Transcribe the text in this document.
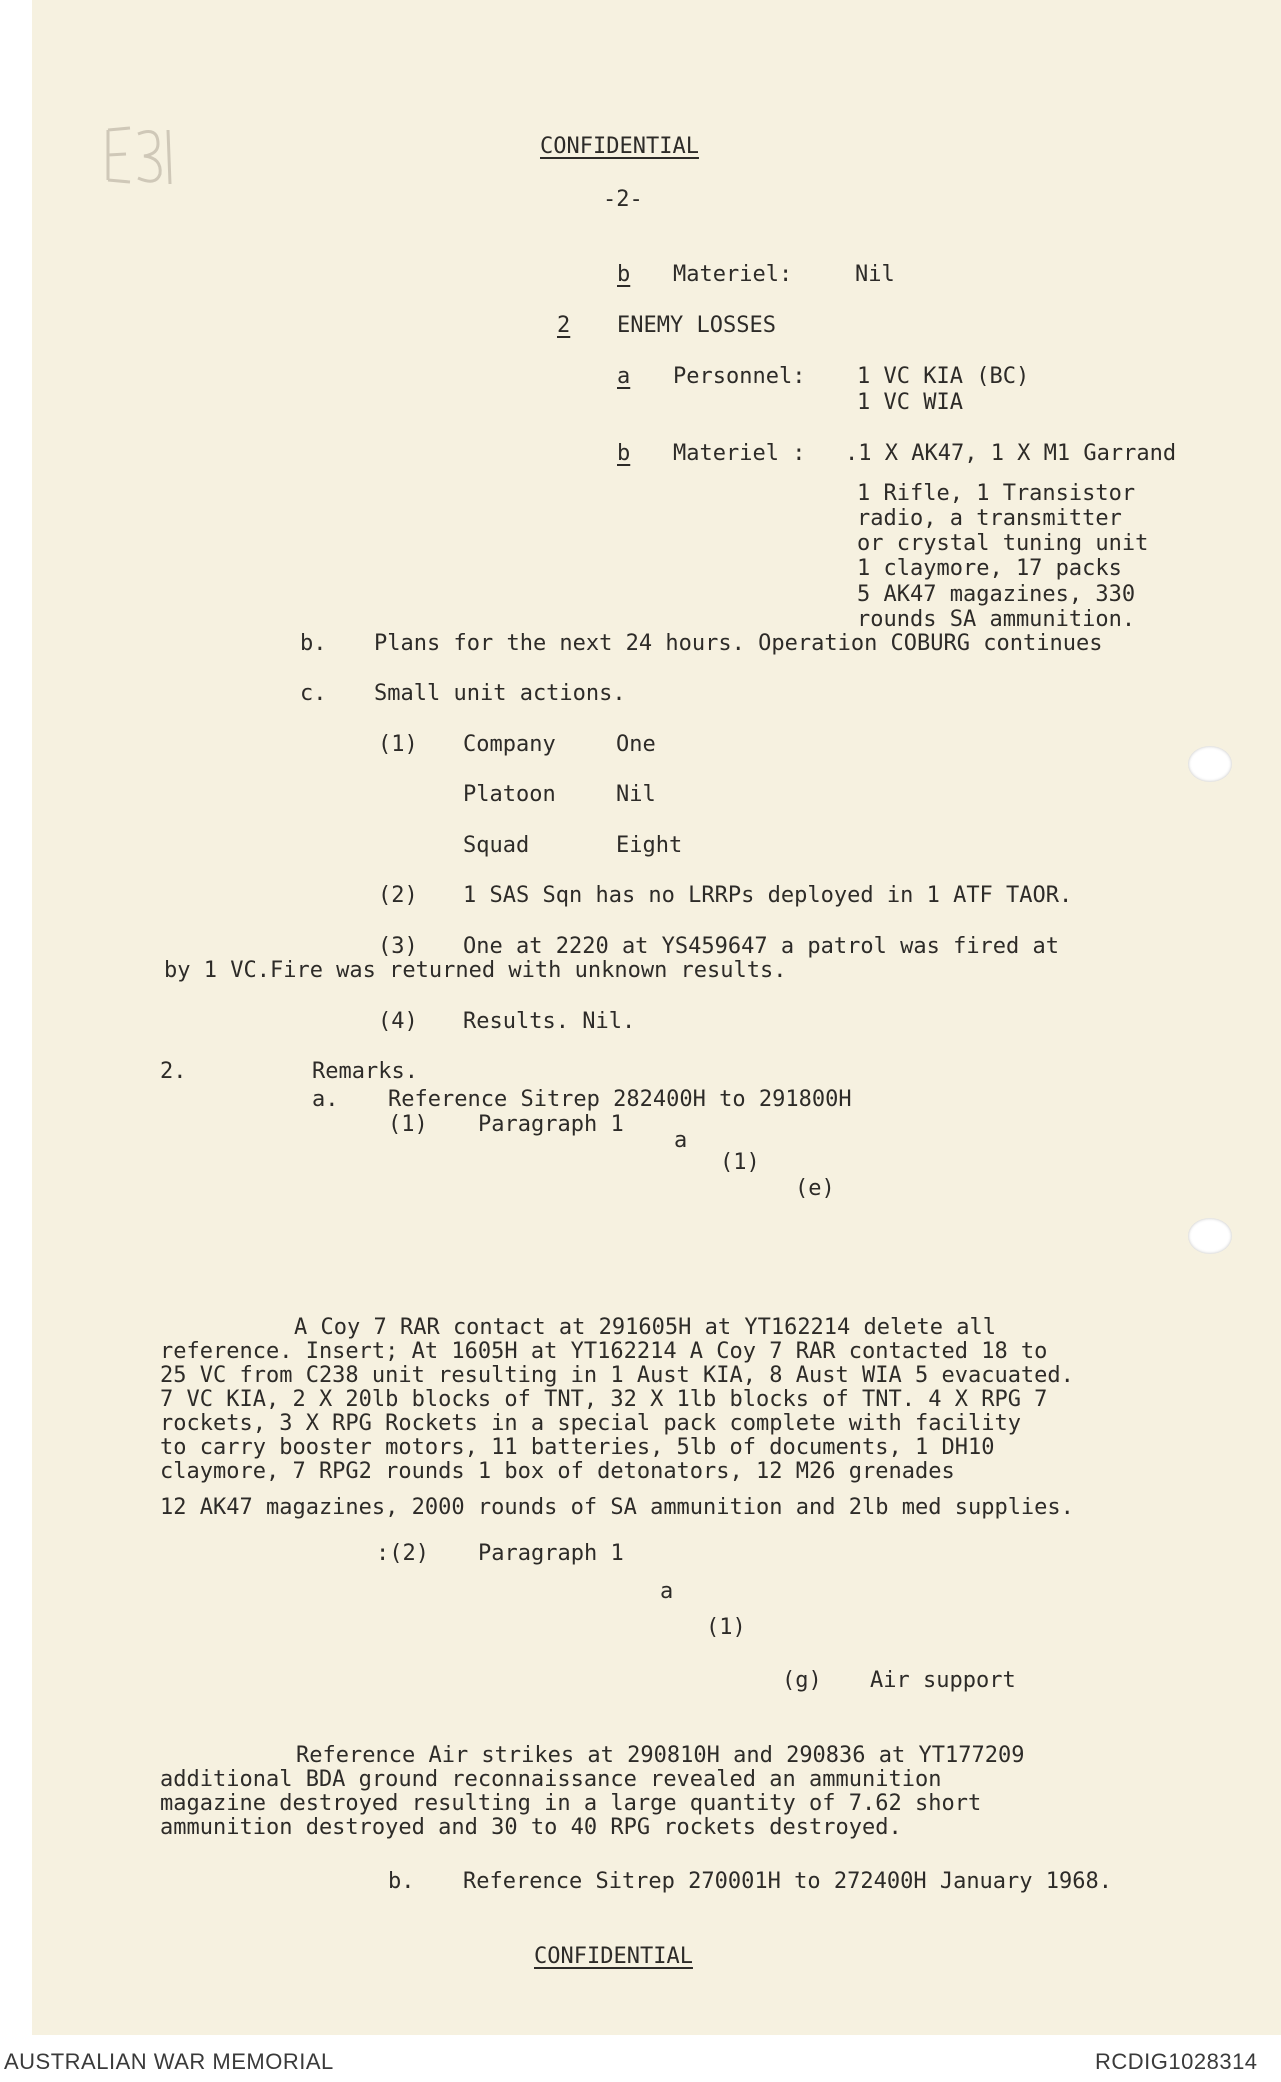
CONFIDENTIAL
-2-
b Materiel:	Nil
2 ENEMY LOSSES
a Personnel: 1 VC KIA (BC)
1 VC WIA
b Materiel : .1 X AK47, 1 X M1 Garrand
1 Rifle, 1 Transistor
radio, a transmitter
or crystal tuning unit
1 claymore, 17 packs
5 AK47 magazines, 330
rounds SA ammunition.
b. Plans for the next 24 hours. Operation COBURG continues
c. Small unit actions.
(1) Company	One
Platoon	Nil
Squad	Eight
(2) 1 SAS Sqn has no LRRPs deployed in 1 ATF TAOR.
(3) One at 2220 at YS459647 a patrol was fired at
by 1 VC.Fire was returned with unknown results.
(4) Results. Nil.
2.	Remarks.
a. Reference Sitrep 282400H to 291800H
(1) Paragraph 1
a
(1)
(e)
A Coy 7 RAR contact at 291605H at YT162214 delete all
reference. Insert; At 1605H at YT162214 A Coy 7 RAR contacted 18 to
25 VC from C238 unit resulting in 1 Aust KIA, 8 Aust WIA 5 evacuated.
7 VC KIA, 2 X 20lb blocks of TNT, 32 X 1lb blocks of TNT. 4 X RPG 7
rockets, 3 X RPG Rockets in a special pack complete with facility
to carry booster motors, 11 batteries, 5lb of documents, 1 DH10
claymore, 7 RPG2 rounds 1 box of detonators, 12 M26 grenades
12 AK47 magazines, 2000 rounds of SA ammunition and 2lb med supplies.
:(2) Paragraph 1
a
(1)
(g) Air support
Reference Air strikes at 290810H and 290836 at YT177209
additional BDA ground reconnaissance revealed an ammunition
magazine destroyed resulting in a large quantity of 7.62 short
ammunition destroyed and 30 to 40 RPG rockets destroyed.
b. Reference Sitrep 270001H to 272400H January 1968.
CONFIDENTIAL
AUSTRALIAN WAR MEMORIAL	RCDIG1028314
